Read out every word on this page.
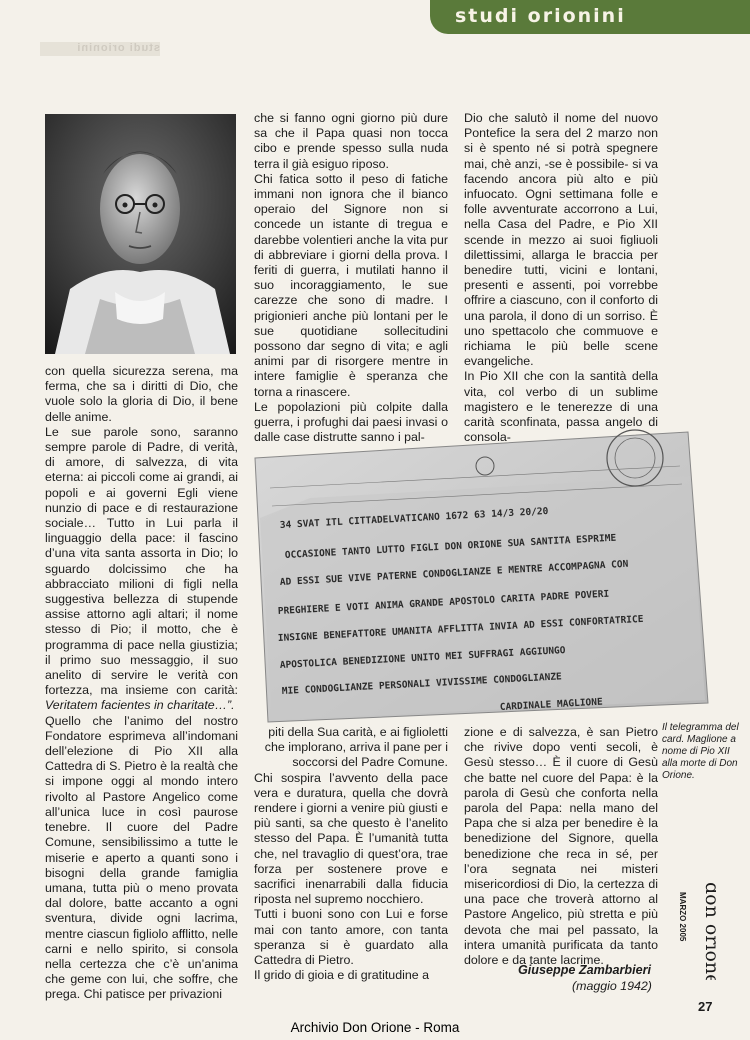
studi orionini
studi orionini

con quella sicurezza serena, ma ferma, che sa i diritti di Dio, che vuole solo la gloria di Dio, il bene delle anime.

Le sue parole sono, saranno sempre parole di Padre, di verità, di amore, di salvezza, di vita eterna: ai piccoli come ai grandi, ai popoli e ai governi Egli viene nunzio di pace e di restaurazione sociale… Tutto in Lui parla il linguaggio della pace: il fascino d’una vita santa assorta in Dio; lo sguardo dolcissimo che ha abbracciato milioni di figli nella suggestiva bellezza di stupende assise attorno agli altari; il nome stesso di Pio; il motto, che è programma di pace nella giustizia; il primo suo messaggio, il suo anelito di servire le verità con fortezza, ma insieme con carità: Veritatem facientes in charitate…”.

Quello che l’animo del nostro Fondatore esprimeva all’indomani dell’elezione di Pio XII alla Cattedra di S. Pietro è la realtà che si impone oggi al mondo intero rivolto al Pastore Angelico come all’unica luce in così paurose tenebre. Il cuore del Padre Comune, sensibilissimo a tutte le miserie e aperto a quanti sono i bisogni della grande famiglia umana, tutta più o meno provata dal dolore, batte accanto a ogni sventura, divide ogni lacrima, mentre ciascun figliolo afflitto, nelle carni e nello spirito, si consola nella certezza che c’è un’anima che geme con lui, che soffre, che prega. Chi patisce per privazioni

che si fanno ogni giorno più dure sa che il Papa quasi non tocca cibo e prende spesso sulla nuda terra il già esiguo riposo.

Chi fatica sotto il peso di fatiche immani non ignora che il bianco operaio del Signore non si concede un istante di tregua e darebbe volentieri anche la vita pur di abbreviare i giorni della prova. I feriti di guerra, i mutilati hanno il suo incoraggiamento, le sue carezze che sono di madre. I prigionieri anche più lontani per le sue quotidiane sollecitudini possono dar segno di vita; e agli animi par di risorgere mentre in intere famiglie è speranza che torna a rinascere.

Le popolazioni più colpite dalla guerra, i profughi dai paesi invasi o dalle case distrutte sanno i pal-

Dio che salutò il nome del nuovo Pontefice la sera del 2 marzo non si è spento né si potrà spegnere mai, chè anzi, -se è possibile- si va facendo ancora più alto e più infuocato. Ogni settimana folle e folle avventurate accorrono a Lui, nella Casa del Padre, e Pio XII scende in mezzo ai suoi figliuoli dilettissimi, allarga le braccia per benedire tutti, vicini e lontani, presenti e assenti, poi vorrebbe offrire a ciascuno, con il conforto di una parola, il dono di un sorriso. È uno spettacolo che commuove e richiama le più belle scene evangeliche.

In Pio XII che con la santità della vita, col verbo di un sublime magistero e le tenerezze di una carità sconfinata, passa angelo di consola-

34 SVAT ITL CITTADELVATICANO 1672 63 14/3 20/20
OCCASIONE TANTO LUTTO FIGLI DON ORIONE SUA SANTITA ESPRIME
AD ESSI SUE VIVE PATERNE CONDOGLIANZE E MENTRE ACCOMPAGNA CON
PREGHIERE E VOTI ANIMA GRANDE APOSTOLO CARITA PADRE POVERI
INSIGNE BENEFATTORE UMANITA AFFLITTA INVIA AD ESSI CONFORTATRICE
APOSTOLICA BENEDIZIONE UNITO MEI SUFFRAGI AGGIUNGO
MIE CONDOGLIANZE PERSONALI VIVISSIME CONDOGLIANZE
CARDINALE MAGLIONE

piti della Sua carità, e ai figlioletti che implorano, arriva il pane per i soccorsi del Padre Comune.

Chi sospira l’avvento della pace vera e duratura, quella che dovrà rendere i giorni a venire più giusti e più santi, sa che questo è l’anelito stesso del Papa. È l’umanità tutta che, nel travaglio di quest’ora, trae forza per sostenere prove e sacrifici inenarrabili dalla fiducia riposta nel supremo nocchiero.

Tutti i buoni sono con Lui e forse mai con tanto amore, con tanta speranza si è guardato alla Cattedra di Pietro.

Il grido di gioia e di gratitudine a

zione e di salvezza, è san Pietro che rivive dopo venti secoli, è Gesù stesso… È il cuore di Gesù che batte nel cuore del Papa: è la parola di Gesù che conforta nella parola del Papa: nella mano del Papa che si alza per benedire è la benedizione del Signore, quella benedizione che reca in sé, per l’ora segnata nei misteri misericordiosi di Dio, la certezza di una pace che troverà attorno al Pastore Angelico, più stretta e più devota che mai pel passato, la intera umanità purificata da tanto dolore e da tante lacrime.

Giuseppe Zambarbieri
(maggio 1942)
Il telegramma del card. Maglione a nome di Pio XII alla morte di Don Orione.
don orione
MARZO 2005
27
Archivio Don Orione - Roma
